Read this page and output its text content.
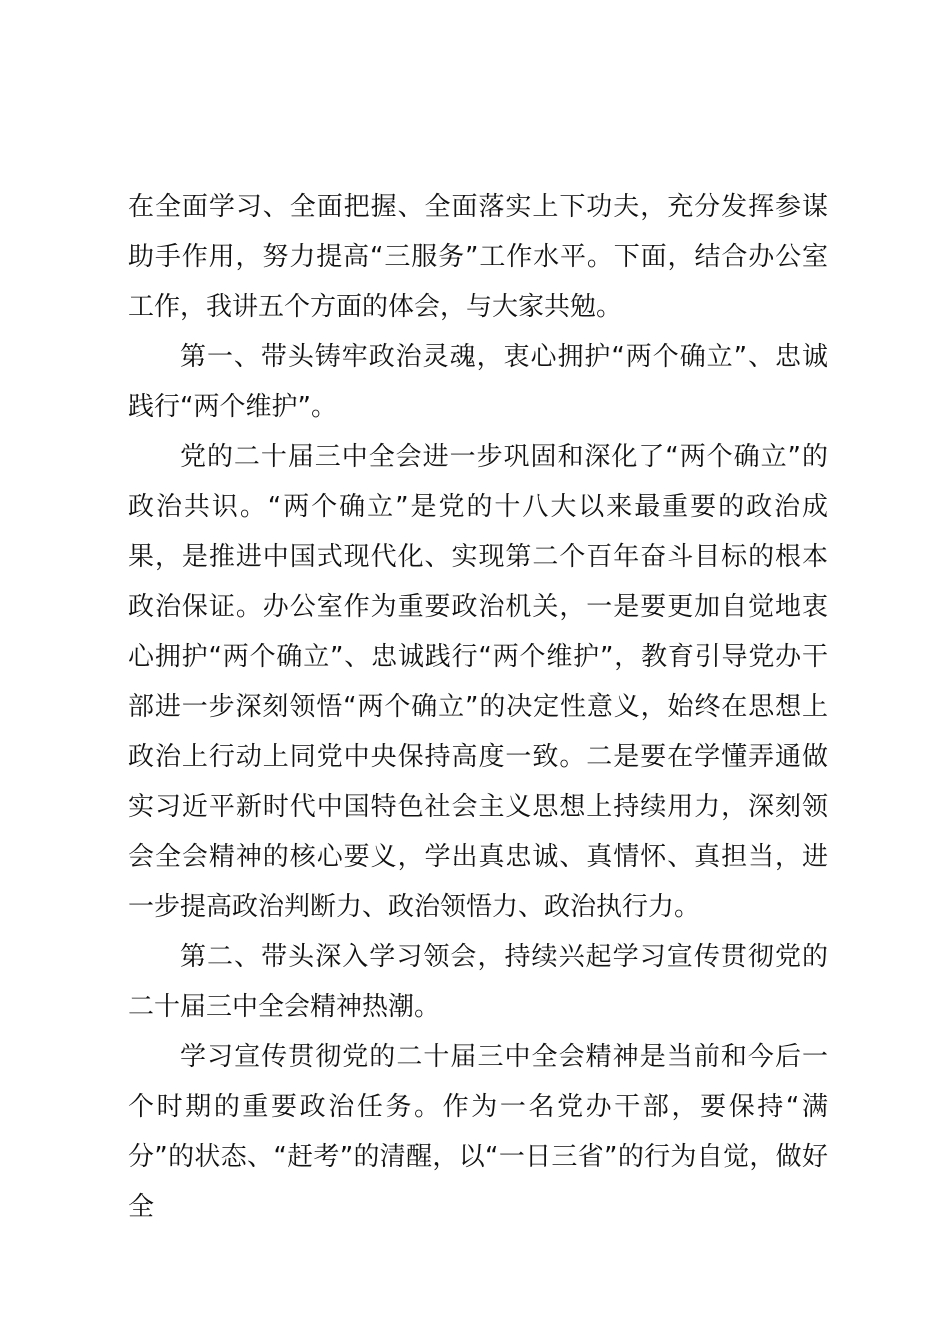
在全面学习、全面把握、全面落实上下功夫，充分发挥参谋助手作用，努力提高“三服务”工作水平。下面，结合办公室工作，我讲五个方面的体会，与大家共勉。

第一、带头铸牢政治灵魂，衷心拥护“两个确立”、忠诚践行“两个维护”。

党的二十届三中全会进一步巩固和深化了“两个确立”的政治共识。“两个确立”是党的十八大以来最重要的政治成果，是推进中国式现代化、实现第二个百年奋斗目标的根本政治保证。办公室作为重要政治机关，一是要更加自觉地衷心拥护“两个确立”、忠诚践行“两个维护”，教育引导党办干部进一步深刻领悟“两个确立”的决定性意义，始终在思想上政治上行动上同党中央保持高度一致。二是要在学懂弄通做实习近平新时代中国特色社会主义思想上持续用力，深刻领会全会精神的核心要义，学出真忠诚、真情怀、真担当，进一步提高政治判断力、政治领悟力、政治执行力。

第二、带头深入学习领会，持续兴起学习宣传贯彻党的二十届三中全会精神热潮。

学习宣传贯彻党的二十届三中全会精神是当前和今后一个时期的重要政治任务。作为一名党办干部，要保持“满分”的状态、“赶考”的清醒，以“一日三省”的行为自觉，做好全
